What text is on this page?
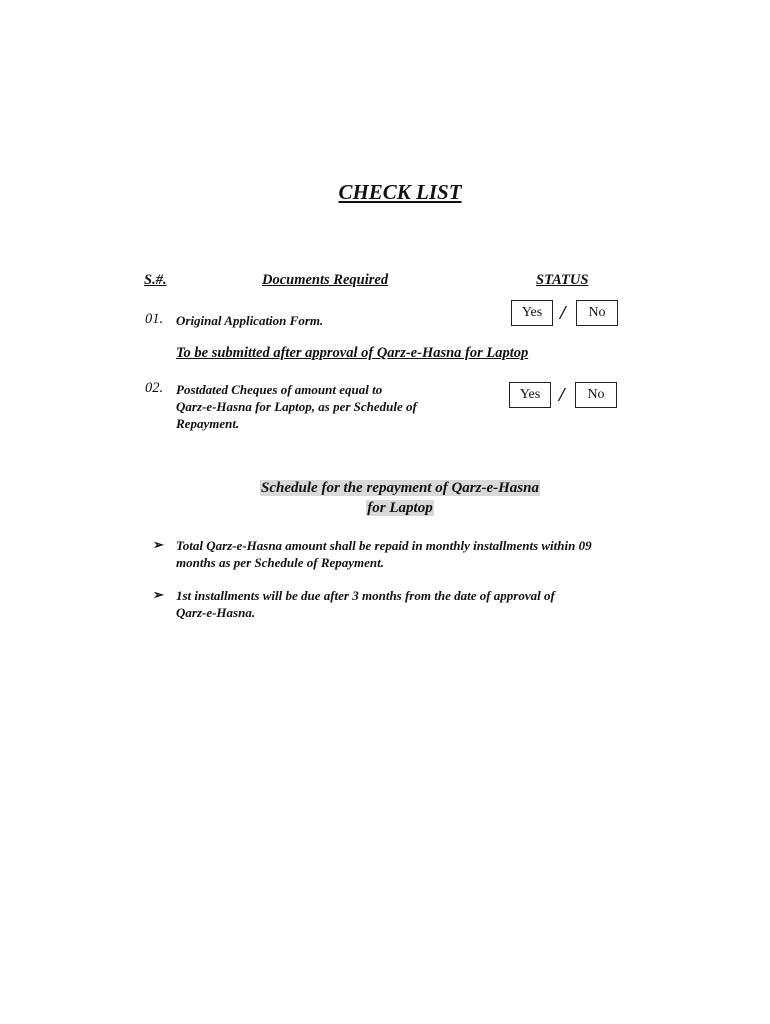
CHECK LIST
S.#.	Documents Required	STATUS
01. Original Application Form.
Yes /	No
To be submitted after approval of Qarz-e-Hasna for Laptop
02. Postdated Cheques of amount equal to
Qarz-e-Hasna for Laptop, as per Schedule of
Repayment.
Yes /	No
Schedule for the repayment of Qarz-e-Hasna
for Laptop
➢ Total Qarz-e-Hasna amount shall be repaid in monthly installments within 09
months as per Schedule of Repayment.
➢ 1st installments will be due after 3 months from the date of approval of
Qarz-e-Hasna.
